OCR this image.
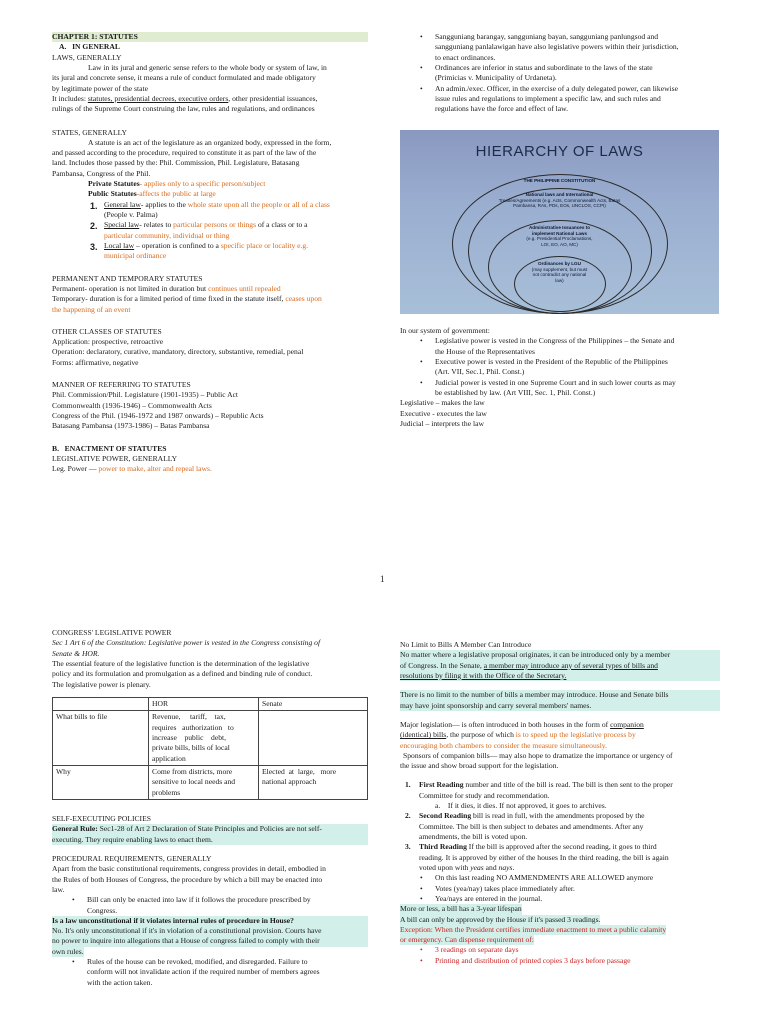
CHAPTER 1: STATUTES
A.   IN GENERAL
LAWS, GENERALLY
Law in its jural and generic sense refers to the whole body or system of law, in
its jural and concrete sense, it means a rule of conduct formulated and made obligatory
by legitimate power of the state
It includes: statutes, presidential decrees, executive orders, other presidential issuances,
rulings of the Supreme Court construing the law, rules and regulations, and ordinances
STATES, GENERALLY
A statute is an act of the legislature as an organized body, expressed in the form,
and passed according to the procedure, required to constitute it as part of the law of the
land. Includes those passed by the: Phil. Commission, Phil. Legislature, Batasang
Pambansa, Congress of the Phil.
Private Statutes- applies only to a specific person/subject
Public Statutes-affects the public at large
1. General law- applies to the whole state upon all the people or all of a class
(People v. Palma)
2. Special law- relates to particular persons or things of a class or to a
particular community, individual or thing
3. Local law – operation is confined to a specific place or locality e.g.
municipal ordinance
PERMANENT AND TEMPORARY STATUTES
Permanent- operation is not limited in duration but continues until repealed
Temporary- duration is for a limited period of time fixed in the statute itself, ceases upon
the happening of an event
OTHER CLASSES OF STATUTES
Application: prospective, retroactive
Operation: declaratory, curative, mandatory, directory, substantive, remedial, penal
Forms: affirmative, negative
MANNER OF REFERRING TO STATUTES
Phil. Commission/Phil. Legislature (1901-1935) – Public Act
Commonwealth (1936-1946) – Commonwealth Acts
Congress of the Phil. (1946-1972 and 1987 onwards) – Republic Acts
Batasang Pambansa (1973-1986) – Batas Pambansa
B.   ENACTMENT OF STATUTES
LEGISLATIVE POWER, GENERALLY
Leg. Power — power to make, alter and repeal laws.
• Sangguniang barangay, sangguniang bayan, sangguniang panlungsod and
sangguniang panlalawigan have also legislative powers within their jurisdiction,
to enact ordinances.
• Ordinances are inferior in status and subordinate to the laws of the state
(Primicias v. Municipality of Urdaneta).
• An admin./exec. Officer, in the exercise of a duly delegated power, can likewise
issue rules and regulations to implement a specific law, and such rules and
regulations have the force and effect of law.
HIERARCHY OF LAWS
THE PHILIPPINE CONSTITUTION
National laws and International
Treaties/Agreements (e.g. Acts, Commonwealth Acts, Batas
Pambansa, RAs, PDs, EOs, UNCLOS, CCPI)
Administrative Issuances to
implement National Laws
(e.g. Presidential Proclamations,
LOI, EO, AO, MC)
Ordinances by LGU
(may supplement, but must
not contradict any national
law)
In our system of government:
• Legislative power is vested in the Congress of the Philippines – the Senate and
the House of the Representatives
• Executive power is vested in the President of the Republic of the Philippines
(Art. VII, Sec.1, Phil. Const.)
• Judicial power is vested in one Supreme Court and in such lower courts as may
be established by law. (Art VIII, Sec. 1, Phil. Const.)
Legislative – makes the law
Executive - executes the law
Judicial – interprets the law
1
CONGRESS' LEGISLATIVE POWER
Sec 1 Art 6 of the Constitution: Legislative power is vested in the Congress consisting of
Senate & HOR.
The essential feature of the legislative function is the determination of the legislative
policy and its formulation and promulgation as a defined and binding rule of conduct.
The legislative power is plenary.
	HOR	Senate
What bills to file	Revenue,     tariff,    tax,
requires   authorization   to
increase    public    debt,
private bills, bills of local
application	
Why	Come from districts, more
sensitive to local needs and
problems	Elected  at  large,   more
national approach
SELF-EXECUTING POLICIES
General Rule: Sec1-28 of Art 2 Declaration of State Principles and Policies are not self-
executing. They require enabling laws to enact them.
PROCEDURAL REQUIREMENTS, GENERALLY
Apart from the basic constitutional requirements, congress provides in detail, embodied in
the Rules of both Houses of Congress, the procedure by which a bill may be enacted into
law.
• Bill can only be enacted into law if it follows the procedure prescribed by
Congress.
Is a law unconstitutional if it violates internal rules of procedure in House?
No. It's only unconstitutional if it's in violation of a constitutional provision. Courts have
no power to inquire into allegations that a House of congress failed to comply with their
own rules.
• Rules of the house can be revoked, modified, and disregarded. Failure to
conform will not invalidate action if the required number of members agrees
with the action taken.
No Limit to Bills A Member Can Introduce
No matter where a legislative proposal originates, it can be introduced only by a member
of Congress. In the Senate, a member may introduce any of several types of bills and
resolutions by filing it with the Office of the Secretary.
There is no limit to the number of bills a member may introduce. House and Senate bills
may have joint sponsorship and carry several members' names.
Major legislation— is often introduced in both houses in the form of companion
(identical) bills, the purpose of which is to speed up the legislative process by
encouraging both chambers to consider the measure simultaneously.
Sponsors of companion bills— may also hope to dramatize the importance or urgency of
the issue and show broad support for the legislation.
1. First Reading number and title of the bill is read. The bill is then sent to the proper
Committee for study and recommendation.
a.    If it dies, it dies. If not approved, it goes to archives.
2. Second Reading bill is read in full, with the amendments proposed by the
Committee. The bill is then subject to debates and amendments. After any
amendments, the bill is voted upon.
3. Third Reading If the bill is approved after the second reading, it goes to third
reading. It is approved by either of the houses In the third reading, the bill is again
voted upon with yeas and nays.
• On this last reading NO AMMENDMENTS ARE ALLOWED anymore
• Votes (yea/nay) takes place immediately after.
• Yea/nays are entered in the journal.
More or less, a bill has a 3-year lifespan A bill can only be approved by the House if it's passed 3 readings. Exception: When the President certifies immediate enactment to meet a public calamity or emergency. Can dispense requirement of:
• 3 readings on separate days
• Printing and distribution of printed copies 3 days before passage
